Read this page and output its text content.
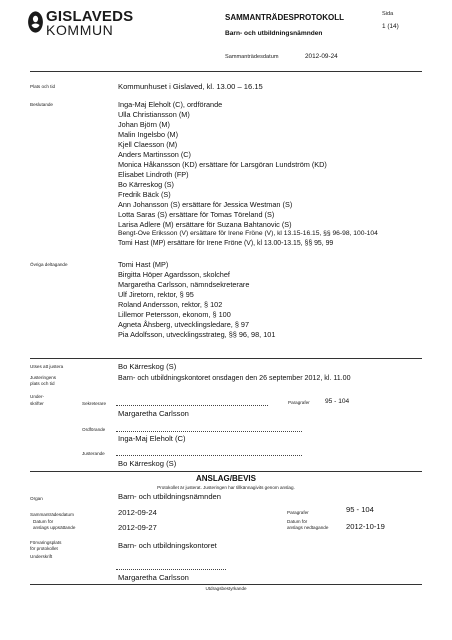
GISLAVEDS
KOMMUN
SAMMANTRÄDESPROTOKOLL
Barn- och utbildningsnämnden
Sida
1 (14)
Sammanträdesdatum	2012-09-24
Plats och tid	Kommunhuset i Gislaved, kl. 13.00 – 16.15
Beslutande	Inga-Maj Eleholt (C), ordförande
Ulla Christiansson (M)
Johan Björn (M)
Malin Ingelsbo (M)
Kjell Claesson (M)
Anders Martinsson (C)
Monica Håkansson (KD) ersättare för Larsgöran Lundström (KD)
Elisabet Lindroth (FP)
Bo Kärreskog (S)
Fredrik Bäck (S)
Ann Johansson (S) ersättare för Jessica Westman (S)
Lotta Saras (S) ersättare för Tomas Töreland (S)
Larisa Adlere (M) ersättare för Suzana Bahtanovic (S)
Bengt-Ove Eriksson (V) ersättare för Irene Fröne (V), kl 13.15-16.15, §§ 96-98, 100-104
Tomi Hast (MP) ersättare för Irene Fröne (V), kl 13.00-13.15, §§ 95, 99
Övriga deltagande	Tomi Hast (MP)
Birgitta Höper Agardsson, skolchef
Margaretha Carlsson, nämndsekreterare
Ulf Jiretorn, rektor, § 95
Roland Andersson, rektor, § 102
Lillemor Petersson, ekonom, § 100
Agneta Åhsberg, utvecklingsledare, § 97
Pia Adolfsson, utvecklingsstrateg, §§ 96, 98, 101
Utses att justera	Bo Kärreskog (S)
Justeringens
plats och tid
Barn- och utbildningskontoret onsdagen den 26 september 2012, kl. 11.00
Under-
skrifter	Sekreterare	Paragrafer 95 - 104
Margaretha Carlsson
Ordförande
Inga-Maj Eleholt (C)
Justerande
Bo Kärreskog (S)
ANSLAG/BEVIS
Protokollet är justerat. Justeringen har tillkännagivits genom anslag.
Organ	Barn- och utbildningsnämnden
Sammanträdesdatum	2012-09-24	Paragrafer	95 - 104
Datum för
anslags uppsättande	2012-09-27
Datum för
anslags nedtagande 2012-10-19
Förvaringsplats
för protokollet	Barn- och utbildningskontoret
Underskrift
Margaretha Carlsson
Utdragsbestyrkande
